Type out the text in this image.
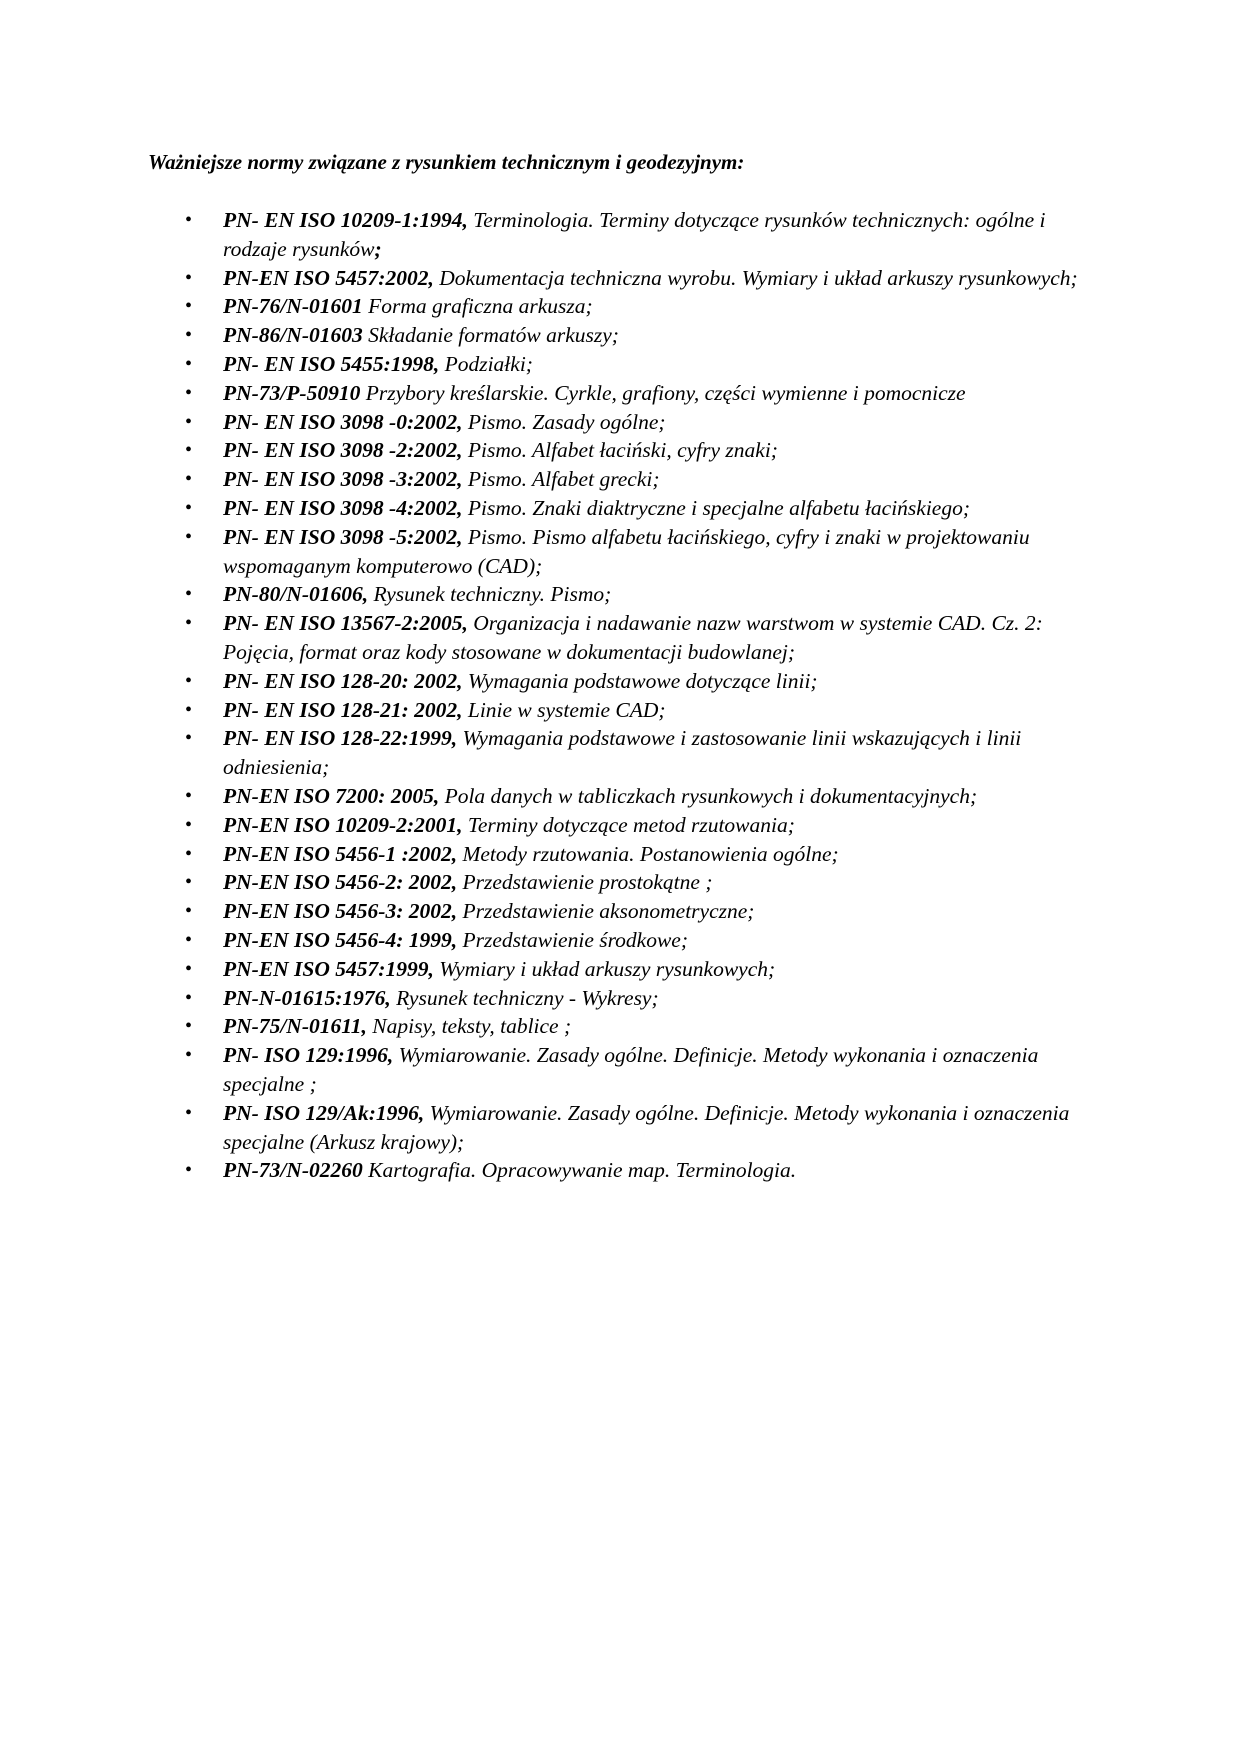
Ważniejsze normy związane z rysunkiem technicznym i geodezyjnym:

• PN- EN ISO 10209-1:1994, Terminologia. Terminy dotyczące rysunków technicznych: ogólne i rodzaje rysunków;
• PN-EN ISO 5457:2002, Dokumentacja techniczna wyrobu. Wymiary i układ arkuszy rysunkowych;
• PN-76/N-01601 Forma graficzna arkusza;
• PN-86/N-01603 Składanie formatów arkuszy;
• PN- EN ISO 5455:1998, Podziałki;
• PN-73/P-50910 Przybory kreślarskie. Cyrkle, grafiony, części wymienne i pomocnicze
• PN- EN ISO 3098 -0:2002, Pismo. Zasady ogólne;
• PN- EN ISO 3098 -2:2002, Pismo. Alfabet łaciński, cyfry znaki;
• PN- EN ISO 3098 -3:2002, Pismo. Alfabet grecki;
• PN- EN ISO 3098 -4:2002, Pismo. Znaki diaktryczne i specjalne alfabetu łacińskiego;
• PN- EN ISO 3098 -5:2002, Pismo. Pismo alfabetu łacińskiego, cyfry i znaki w projektowaniu wspomaganym komputerowo (CAD);
• PN-80/N-01606, Rysunek techniczny. Pismo;
• PN- EN ISO 13567-2:2005, Organizacja i nadawanie nazw warstwom w systemie CAD. Cz. 2: Pojęcia, format oraz kody stosowane w dokumentacji budowlanej;
• PN- EN ISO 128-20: 2002, Wymagania podstawowe dotyczące linii;
• PN- EN ISO 128-21: 2002, Linie w systemie CAD;
• PN- EN ISO 128-22:1999, Wymagania podstawowe i zastosowanie linii wskazujących i linii odniesienia;
• PN-EN ISO 7200: 2005, Pola danych w tabliczkach rysunkowych i dokumentacyjnych;
• PN-EN ISO 10209-2:2001, Terminy dotyczące metod rzutowania;
• PN-EN ISO 5456-1 :2002, Metody rzutowania. Postanowienia ogólne;
• PN-EN ISO 5456-2: 2002, Przedstawienie prostokątne ;
• PN-EN ISO 5456-3: 2002, Przedstawienie aksonometryczne;
• PN-EN ISO 5456-4: 1999, Przedstawienie środkowe;
• PN-EN ISO 5457:1999, Wymiary i układ arkuszy rysunkowych;
• PN-N-01615:1976, Rysunek techniczny - Wykresy;
• PN-75/N-01611, Napisy, teksty, tablice ;
• PN- ISO 129:1996, Wymiarowanie. Zasady ogólne. Definicje. Metody wykonania i oznaczenia specjalne ;
• PN- ISO 129/Ak:1996, Wymiarowanie. Zasady ogólne. Definicje. Metody wykonania i oznaczenia specjalne (Arkusz krajowy);
• PN-73/N-02260 Kartografia. Opracowywanie map. Terminologia.
